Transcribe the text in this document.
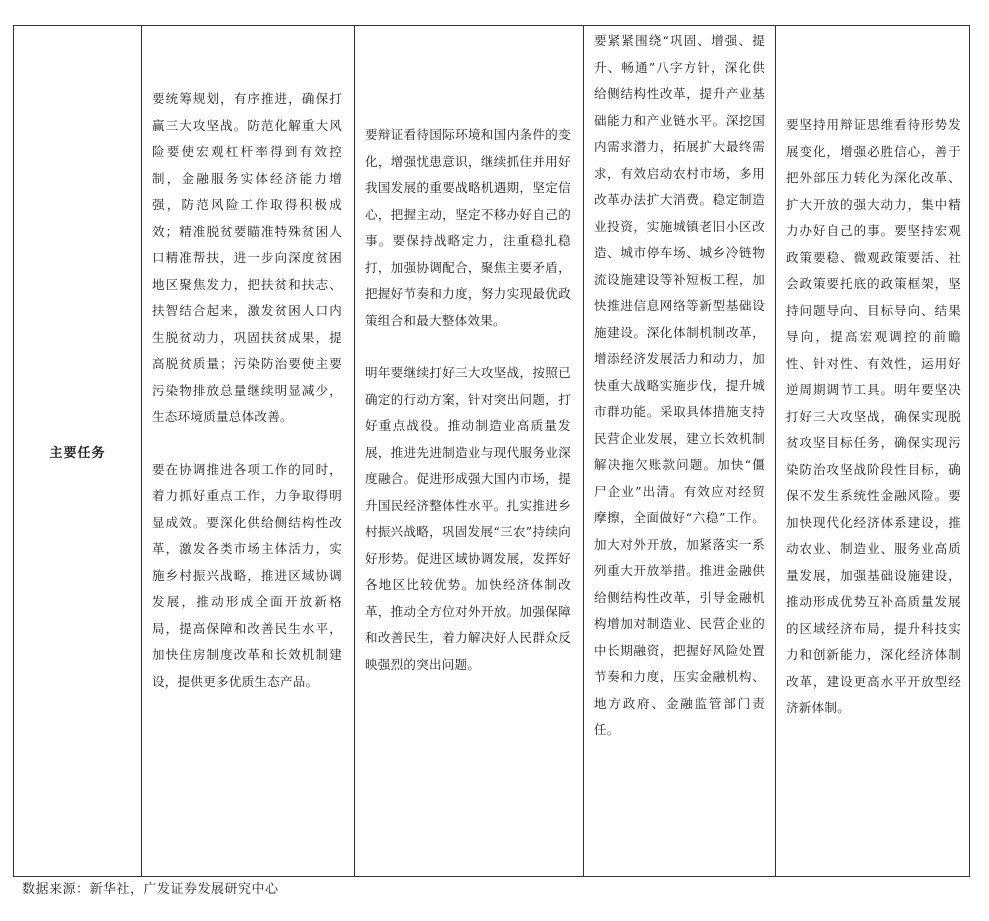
主要任务

要统筹规划，有序推进，确保打赢三大攻坚战。防范化解重大风险要使宏观杠杆率得到有效控制，金融服务实体经济能力增强，防范风险工作取得积极成效；精准脱贫要瞄准特殊贫困人口精准帮扶，进一步向深度贫困地区聚焦发力，把扶贫和扶志、扶智结合起来，激发贫困人口内生脱贫动力，巩固扶贫成果，提高脱贫质量；污染防治要使主要污染物排放总量继续明显减少，生态环境质量总体改善。

要在协调推进各项工作的同时，着力抓好重点工作，力争取得明显成效。要深化供给侧结构性改革，激发各类市场主体活力，实施乡村振兴战略，推进区域协调发展，推动形成全面开放新格局，提高保障和改善民生水平，加快住房制度改革和长效机制建设，提供更多优质生态产品。

要辩证看待国际环境和国内条件的变化，增强忧患意识，继续抓住并用好我国发展的重要战略机遇期，坚定信心，把握主动，坚定不移办好自己的事。要保持战略定力，注重稳扎稳打，加强协调配合，聚焦主要矛盾，把握好节奏和力度，努力实现最优政策组合和最大整体效果。

明年要继续打好三大攻坚战，按照已确定的行动方案，针对突出问题，打好重点战役。推动制造业高质量发展，推进先进制造业与现代服务业深度融合。促进形成强大国内市场，提升国民经济整体性水平。扎实推进乡村振兴战略，巩固发展“三农”持续向好形势。促进区域协调发展，发挥好各地区比较优势。加快经济体制改革，推动全方位对外开放。加强保障和改善民生，着力解决好人民群众反映强烈的突出问题。

要紧紧围绕“巩固、增强、提升、畅通”八字方针，深化供给侧结构性改革，提升产业基础能力和产业链水平。深挖国内需求潜力，拓展扩大最终需求，有效启动农村市场，多用改革办法扩大消费。稳定制造业投资，实施城镇老旧小区改造、城市停车场、城乡冷链物流设施建设等补短板工程，加快推进信息网络等新型基础设施建设。深化体制机制改革，增添经济发展活力和动力，加快重大战略实施步伐，提升城市群功能。采取具体措施支持民营企业发展，建立长效机制解决拖欠账款问题。加快“僵尸企业”出清。有效应对经贸摩擦，全面做好“六稳”工作。加大对外开放，加紧落实一系列重大开放举措。推进金融供给侧结构性改革，引导金融机构增加对制造业、民营企业的中长期融资，把握好风险处置节奏和力度，压实金融机构、地方政府、金融监管部门责任。

要坚持用辩证思维看待形势发展变化，增强必胜信心，善于把外部压力转化为深化改革、扩大开放的强大动力，集中精力办好自己的事。要坚持宏观政策要稳、微观政策要活、社会政策要托底的政策框架，坚持问题导向、目标导向、结果导向，提高宏观调控的前瞻性、针对性、有效性，运用好逆周期调节工具。明年要坚决打好三大攻坚战，确保实现脱贫攻坚目标任务，确保实现污染防治攻坚战阶段性目标，确保不发生系统性金融风险。要加快现代化经济体系建设，推动农业、制造业、服务业高质量发展，加强基础设施建设，推动形成优势互补高质量发展的区域经济布局，提升科技实力和创新能力，深化经济体制改革，建设更高水平开放型经济新体制。

数据来源：新华社，广发证券发展研究中心
